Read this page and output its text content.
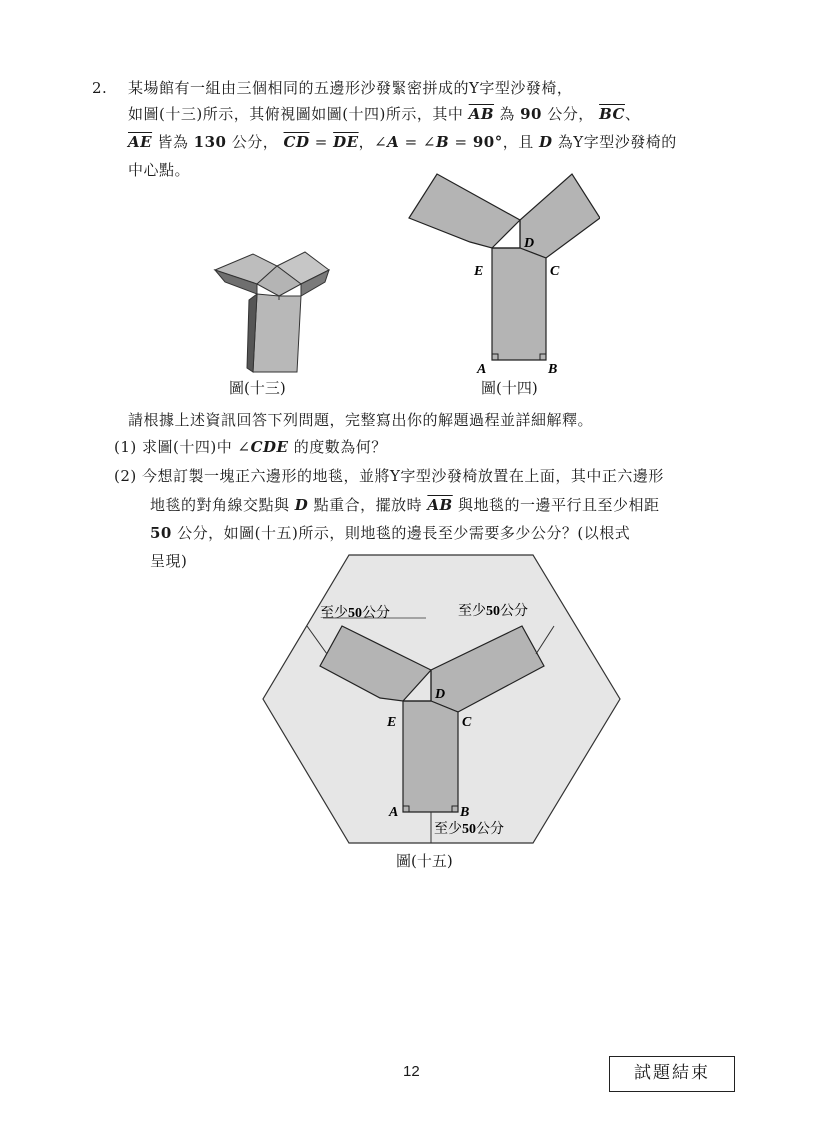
2. 某場館有一組由三個相同的五邊形沙發緊密拼成的Y字型沙發椅，
如圖(十三)所示，其俯視圖如圖(十四)所示，其中 $\overline{AB}$ 為 90 公分， $\overline{BC}$、
$\overline{AE}$ 皆為 130 公分， $\overline{CD} = \overline{DE}$，∠A = ∠B = 90°，且 D 為Y字型沙發椅的
中心點。
圖(十三)
D
E	C
A	B
圖(十四)
請根據上述資訊回答下列問題，完整寫出你的解題過程並詳細解釋。
(1) 求圖(十四)中 ∠CDE 的度數為何？
(2) 今想訂製一塊正六邊形的地毯，並將Y字型沙發椅放置在上面，其中正六邊形
地毯的對角線交點與 D 點重合，擺放時 $\overline{AB}$ 與地毯的一邊平行且至少相距
50 公分，如圖(十五)所示，則地毯的邊長至少需要多少公分？(以根式
呈現)
D
E	C
A	B
至少50公分	至少50公分
至少50公分
圖(十五)
12	試題結束
